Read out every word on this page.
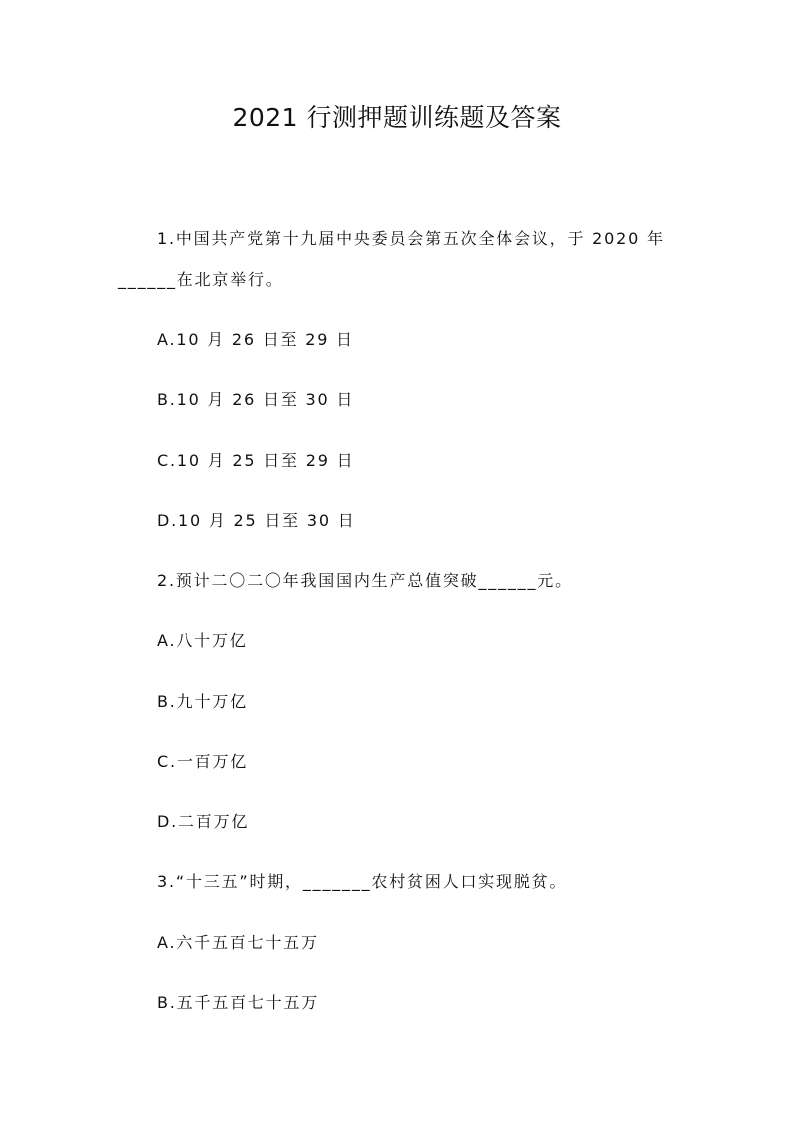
2021 行测押题训练题及答案
1.中国共产党第十九届中央委员会第五次全体会议，于 2020 年
______在北京举行。
A.10 月 26 日至 29 日
B.10 月 26 日至 30 日
C.10 月 25 日至 29 日
D.10 月 25 日至 30 日
2.预计二〇二〇年我国国内生产总值突破______元。
A.八十万亿
B.九十万亿
C.一百万亿
D.二百万亿
3.“十三五”时期，_______农村贫困人口实现脱贫。
A.六千五百七十五万
B.五千五百七十五万
